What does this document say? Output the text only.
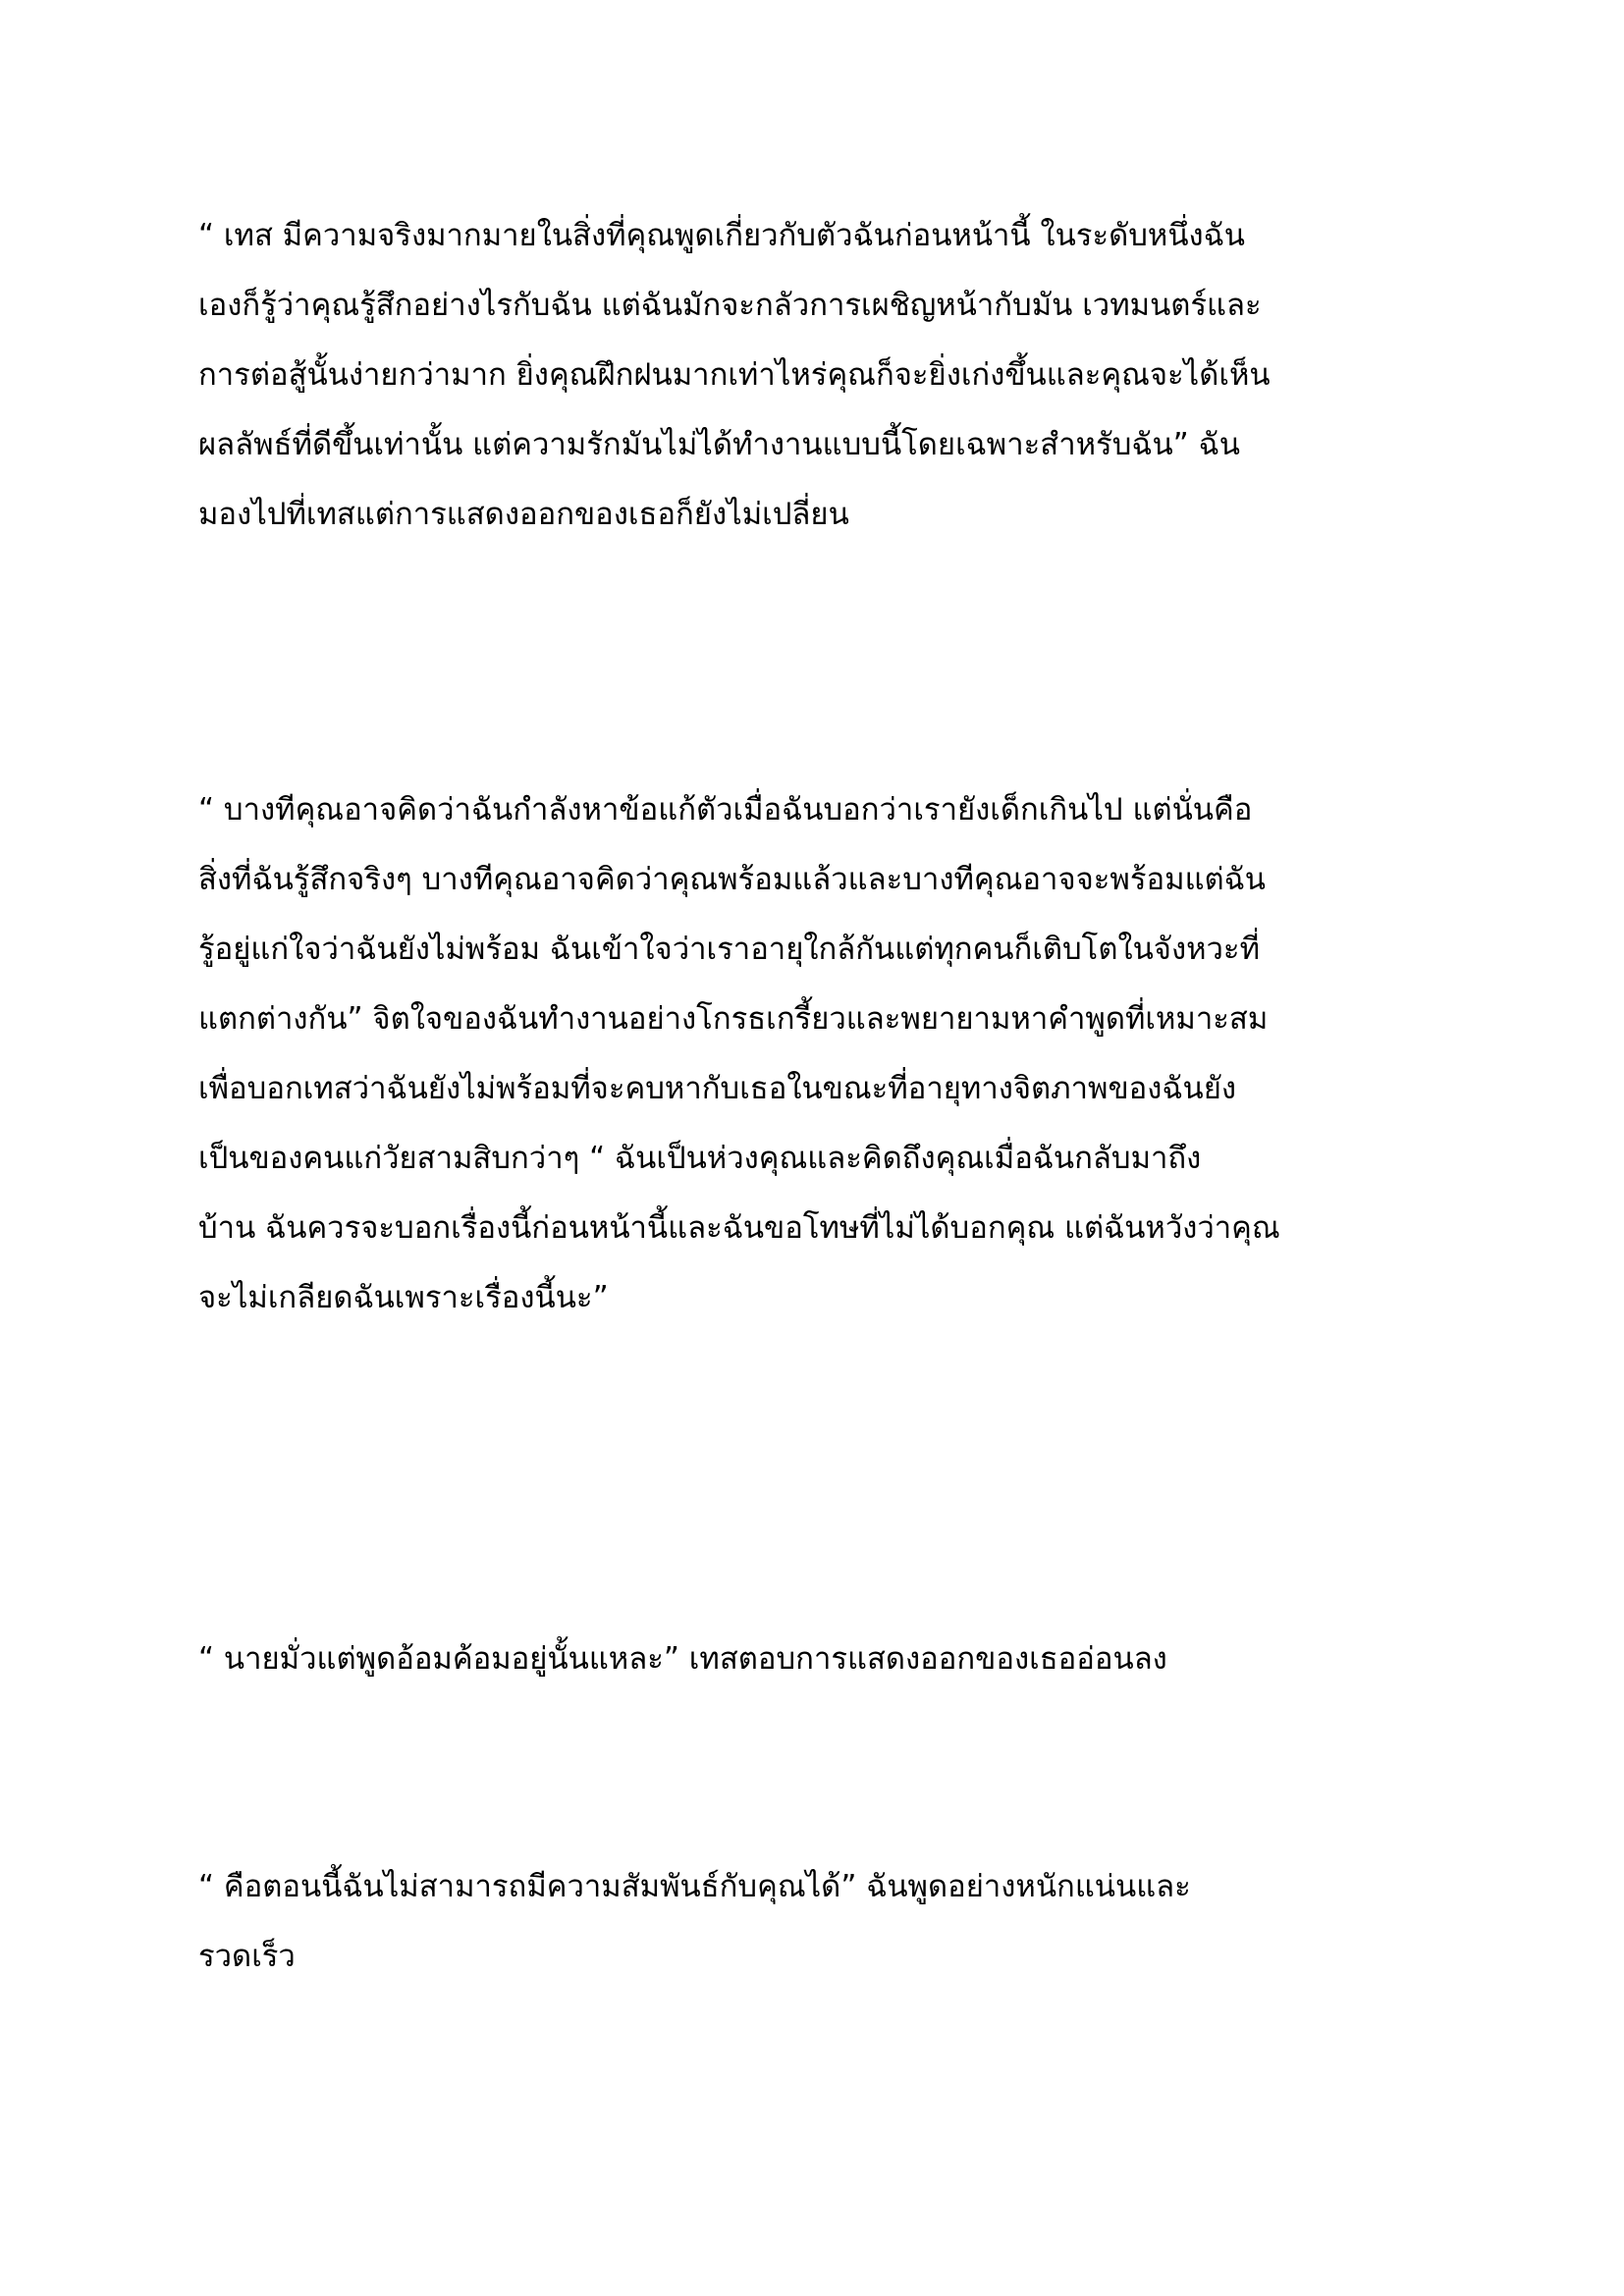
“ เทส มีความจริงมากมายในสิ่งที่คุณพูดเกี่ยวกับตัวฉันก่อนหน้านี้ ในระดับหนึ่งฉัน
เองก็รู้ว่าคุณรู้สึกอย่างไรกับฉัน แต่ฉันมักจะกลัวการเผชิญหน้ากับมัน เวทมนตร์และ
การต่อสู้นั้นง่ายกว่ามาก ยิ่งคุณฝึกฝนมากเท่าไหร่คุณก็จะยิ่งเก่งขึ้นและคุณจะได้เห็น
ผลลัพธ์ที่ดีขึ้นเท่านั้น แต่ความรักมันไม่ได้ทำงานแบบนี้โดยเฉพาะสำหรับฉัน” ฉัน
มองไปที่เทสแต่การแสดงออกของเธอก็ยังไม่เปลี่ยน

“ บางทีคุณอาจคิดว่าฉันกำลังหาข้อแก้ตัวเมื่อฉันบอกว่าเรายังเด็กเกินไป แต่นั่นคือ
สิ่งที่ฉันรู้สึกจริงๆ บางทีคุณอาจคิดว่าคุณพร้อมแล้วและบางทีคุณอาจจะพร้อมแต่ฉัน
รู้อยู่แก่ใจว่าฉันยังไม่พร้อม ฉันเข้าใจว่าเราอายุใกล้กันแต่ทุกคนก็เติบโตในจังหวะที่
แตกต่างกัน” จิตใจของฉันทำงานอย่างโกรธเกรี้ยวและพยายามหาคำพูดที่เหมาะสม
เพื่อบอกเทสว่าฉันยังไม่พร้อมที่จะคบหากับเธอในขณะที่อายุทางจิตภาพของฉันยัง
เป็นของคนแก่วัยสามสิบกว่าๆ “ ฉันเป็นห่วงคุณและคิดถึงคุณเมื่อฉันกลับมาถึง
บ้าน ฉันควรจะบอกเรื่องนี้ก่อนหน้านี้และฉันขอโทษที่ไม่ได้บอกคุณ แต่ฉันหวังว่าคุณ
จะไม่เกลียดฉันเพราะเรื่องนี้นะ”

“ นายมั่วแต่พูดอ้อมค้อมอยู่นั้นแหละ” เทสตอบการแสดงออกของเธออ่อนลง

“ คือตอนนี้ฉันไม่สามารถมีความสัมพันธ์กับคุณได้” ฉันพูดอย่างหนักแน่นและ
รวดเร็ว
